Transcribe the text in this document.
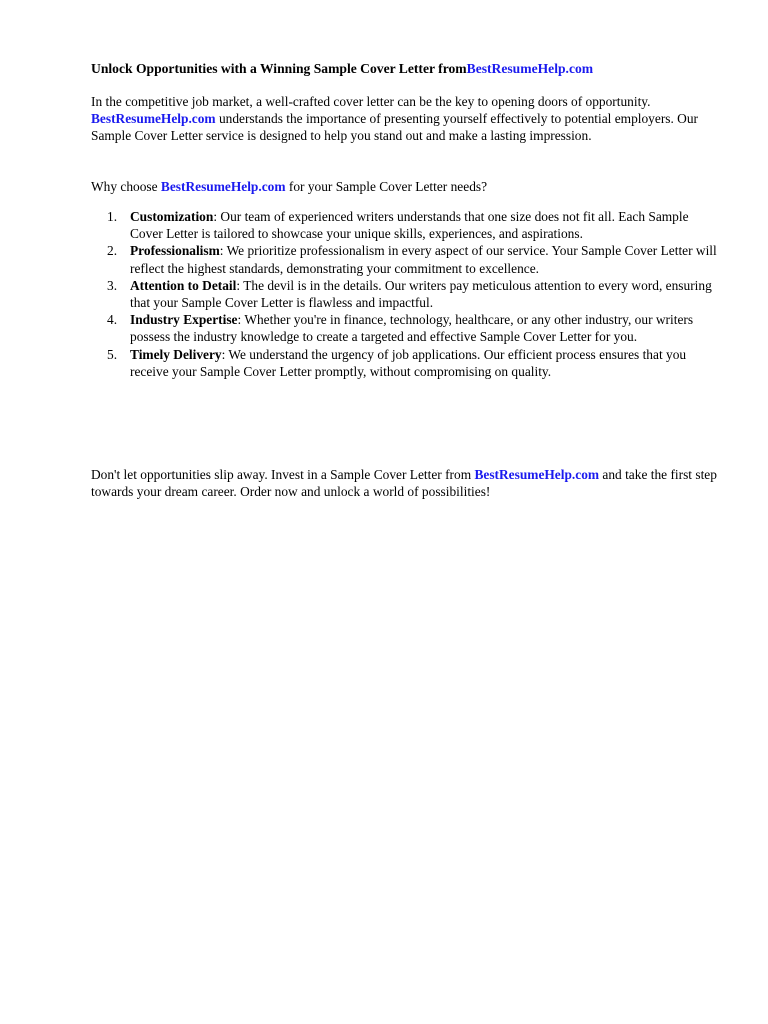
Unlock Opportunities with a Winning Sample Cover Letter fromBestResumeHelp.com

In the competitive job market, a well-crafted cover letter can be the key to opening doors of opportunity. BestResumeHelp.com understands the importance of presenting yourself effectively to potential employers. Our Sample Cover Letter service is designed to help you stand out and make a lasting impression.

Why choose BestResumeHelp.com for your Sample Cover Letter needs?

1. Customization: Our team of experienced writers understands that one size does not fit all. Each Sample Cover Letter is tailored to showcase your unique skills, experiences, and aspirations.
2. Professionalism: We prioritize professionalism in every aspect of our service. Your Sample Cover Letter will reflect the highest standards, demonstrating your commitment to excellence.
3. Attention to Detail: The devil is in the details. Our writers pay meticulous attention to every word, ensuring that your Sample Cover Letter is flawless and impactful.
4. Industry Expertise: Whether you're in finance, technology, healthcare, or any other industry, our writers possess the industry knowledge to create a targeted and effective Sample Cover Letter for you.
5. Timely Delivery: We understand the urgency of job applications. Our efficient process ensures that you receive your Sample Cover Letter promptly, without compromising on quality.

Don't let opportunities slip away. Invest in a Sample Cover Letter from BestResumeHelp.com and take the first step towards your dream career. Order now and unlock a world of possibilities!
